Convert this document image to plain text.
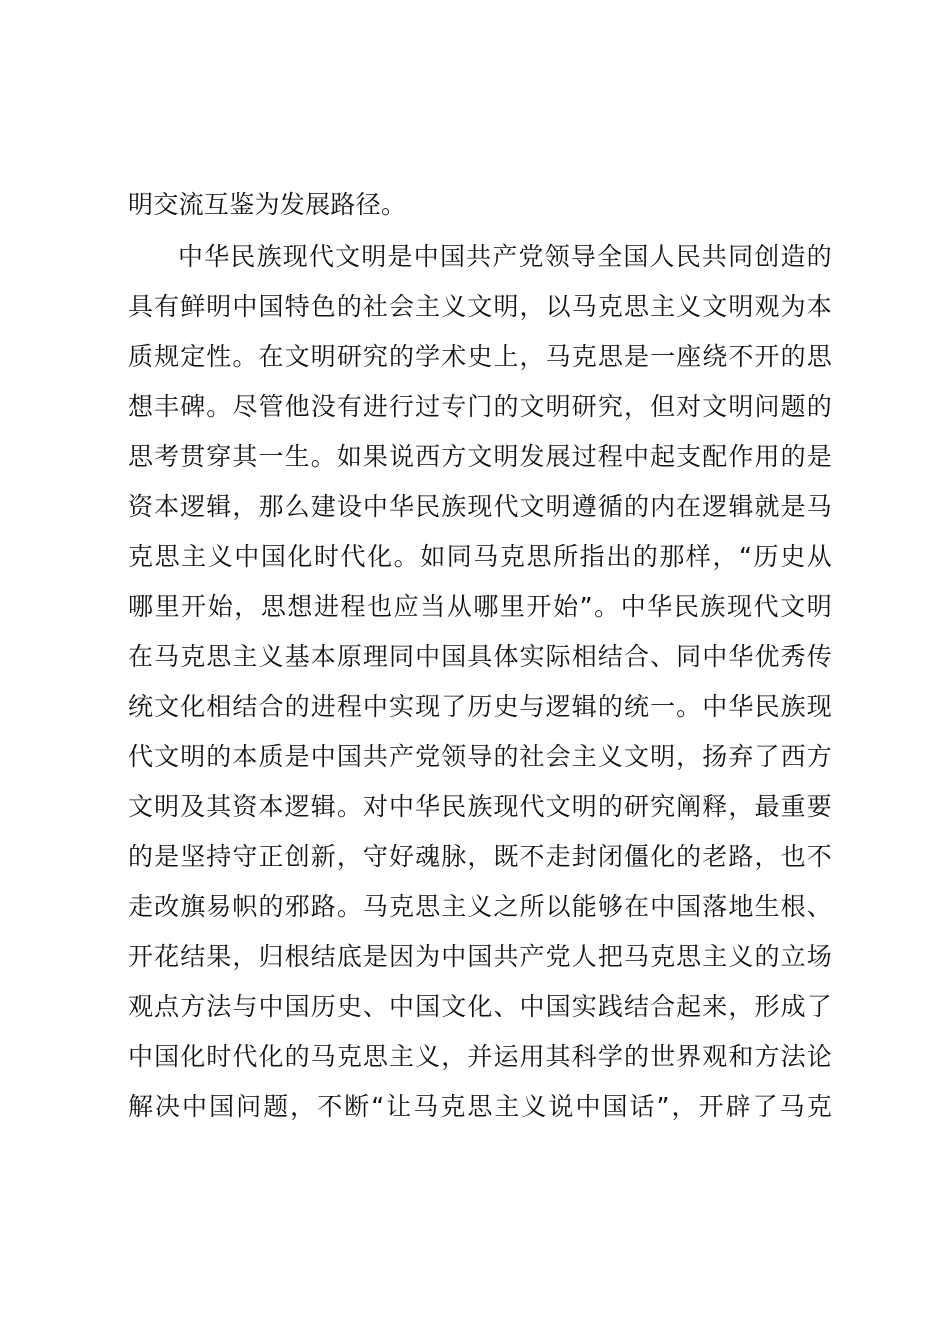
明交流互鉴为发展路径。
中华民族现代文明是中国共产党领导全国人民共同创造的
具有鲜明中国特色的社会主义文明，以马克思主义文明观为本
质规定性。在文明研究的学术史上，马克思是一座绕不开的思
想丰碑。尽管他没有进行过专门的文明研究，但对文明问题的
思考贯穿其一生。如果说西方文明发展过程中起支配作用的是
资本逻辑，那么建设中华民族现代文明遵循的内在逻辑就是马
克思主义中国化时代化。如同马克思所指出的那样，“历史从
哪里开始，思想进程也应当从哪里开始”。中华民族现代文明
在马克思主义基本原理同中国具体实际相结合、同中华优秀传
统文化相结合的进程中实现了历史与逻辑的统一。中华民族现
代文明的本质是中国共产党领导的社会主义文明，扬弃了西方
文明及其资本逻辑。对中华民族现代文明的研究阐释，最重要
的是坚持守正创新，守好魂脉，既不走封闭僵化的老路，也不
走改旗易帜的邪路。马克思主义之所以能够在中国落地生根、
开花结果，归根结底是因为中国共产党人把马克思主义的立场
观点方法与中国历史、中国文化、中国实践结合起来，形成了
中国化时代化的马克思主义，并运用其科学的世界观和方法论
解决中国问题，不断“让马克思主义说中国话”，开辟了马克
